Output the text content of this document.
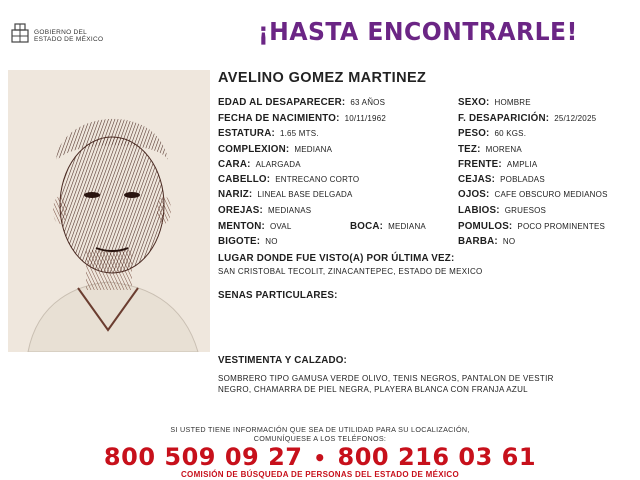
GOBIERNO DEL
ESTADO DE MÉXICO	¡HASTA ENCONTRARLE!
AVELINO GOMEZ MARTINEZ
EDAD AL DESAPARECER: 63 AÑOS
FECHA DE NACIMIENTO: 10/11/1962
ESTATURA: 1.65 MTS.
COMPLEXION: MEDIANA
CARA: ALARGADA
CABELLO: ENTRECANO CORTO
NARIZ: LINEAL BASE DELGADA
OREJAS: MEDIANAS
MENTON: OVAL	BOCA: MEDIANA
BIGOTE: NO
SEXO: HOMBRE
F. DESAPARICIÓN: 25/12/2025
PESO: 60 KGS.
TEZ: MORENA
FRENTE: AMPLIA
CEJAS: POBLADAS
OJOS: CAFE OBSCURO MEDIANOS
LABIOS: GRUESOS
POMULOS: POCO PROMINENTES
BARBA: NO
LUGAR DONDE FUE VISTO(A) POR ÚLTIMA VEZ:
SAN CRISTOBAL TECOLIT, ZINACANTEPEC, ESTADO DE MEXICO
SENAS PARTICULARES:
VESTIMENTA Y CALZADO:
SOMBRERO TIPO GAMUSA VERDE OLIVO, TENIS NEGROS, PANTALON DE VESTIR
NEGRO, CHAMARRA DE PIEL NEGRA, PLAYERA BLANCA CON FRANJA AZUL
SI USTED TIENE INFORMACIÓN QUE SEA DE UTILIDAD PARA SU LOCALIZACIÓN,
COMUNÍQUESE A LOS TELÉFONOS:
800 509 09 27 • 800 216 03 61
COMISIÓN DE BÚSQUEDA DE PERSONAS DEL ESTADO DE MÉXICO
